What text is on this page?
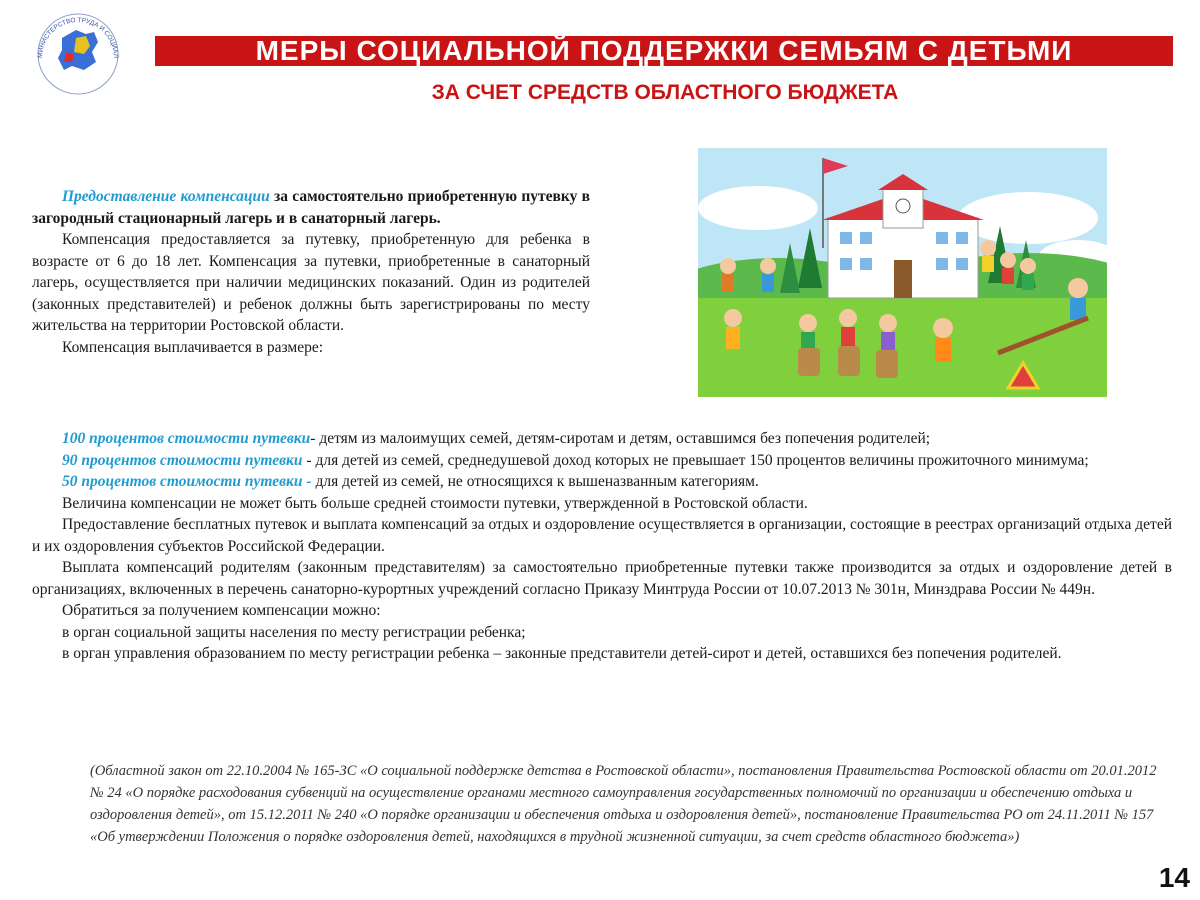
МИНИСТЕРСТВО ТРУДА И СОЦИАЛ	МЕРЫ СОЦИАЛЬНОЙ ПОДДЕРЖКИ СЕМЬЯМ С ДЕТЬМИ
ЗА СЧЕТ СРЕДСТВ ОБЛАСТНОГО БЮДЖЕТА

Предоставление компенсации за самостоятельно приобретенную путевку в загородный стационарный лагерь и в санаторный лагерь.

Компенсация предоставляется за путевку, приобретенную для ребенка в возрасте от 6 до 18 лет. Компенсация за путевки, приобретенные в санаторный лагерь, осуществляется при наличии медицинских показаний. Один из родителей (законных представителей) и ребенок должны быть зарегистрированы по месту жительства на территории Ростовской области.

Компенсация выплачивается в размере:

100 процентов стоимости путевки- детям из малоимущих семей, детям-сиротам и детям, оставшимся без попечения родителей;

90 процентов стоимости путевки - для детей из семей, среднедушевой доход которых не превышает 150 процентов величины прожиточного минимума;

50 процентов стоимости путевки - для детей из семей, не относящихся к вышеназванным категориям.

Величина компенсации не может быть больше средней стоимости путевки, утвержденной в Ростовской области.

Предоставление бесплатных путевок и выплата компенсаций за отдых и оздоровление осуществляется в организации, состоящие в реестрах организаций отдыха детей и их оздоровления субъектов Российской Федерации.

Выплата компенсаций родителям (законным представителям) за самостоятельно приобретенные путевки также производится за отдых и оздоровление детей в организациях, включенных в перечень санаторно-курортных учреждений согласно Приказу Минтруда России от 10.07.2013 № 301н, Минздрава России № 449н.

Обратиться за получением компенсации можно:

в орган социальной защиты населения по месту регистрации ребенка;

в орган управления образованием по месту регистрации ребенка – законные представители детей-сирот и детей, оставшихся без попечения родителей.

(Областной закон от 22.10.2004 № 165-ЗС «О социальной поддержке детства в Ростовской области», постановления Правительства Ростовской области от 20.01.2012 № 24 «О порядке расходования субвенций на осуществление органами местного самоуправления государственных полномочий по организации и обеспечению отдыха и оздоровления детей», от 15.12.2011 № 240 «О порядке организации и обеспечения отдыха и оздоровления детей», постановление Правительства РО от 24.11.2011 № 157 «Об утверждении Положения о порядке оздоровления детей, находящихся в трудной жизненной ситуации, за счет средств областного бюджета»)
14
